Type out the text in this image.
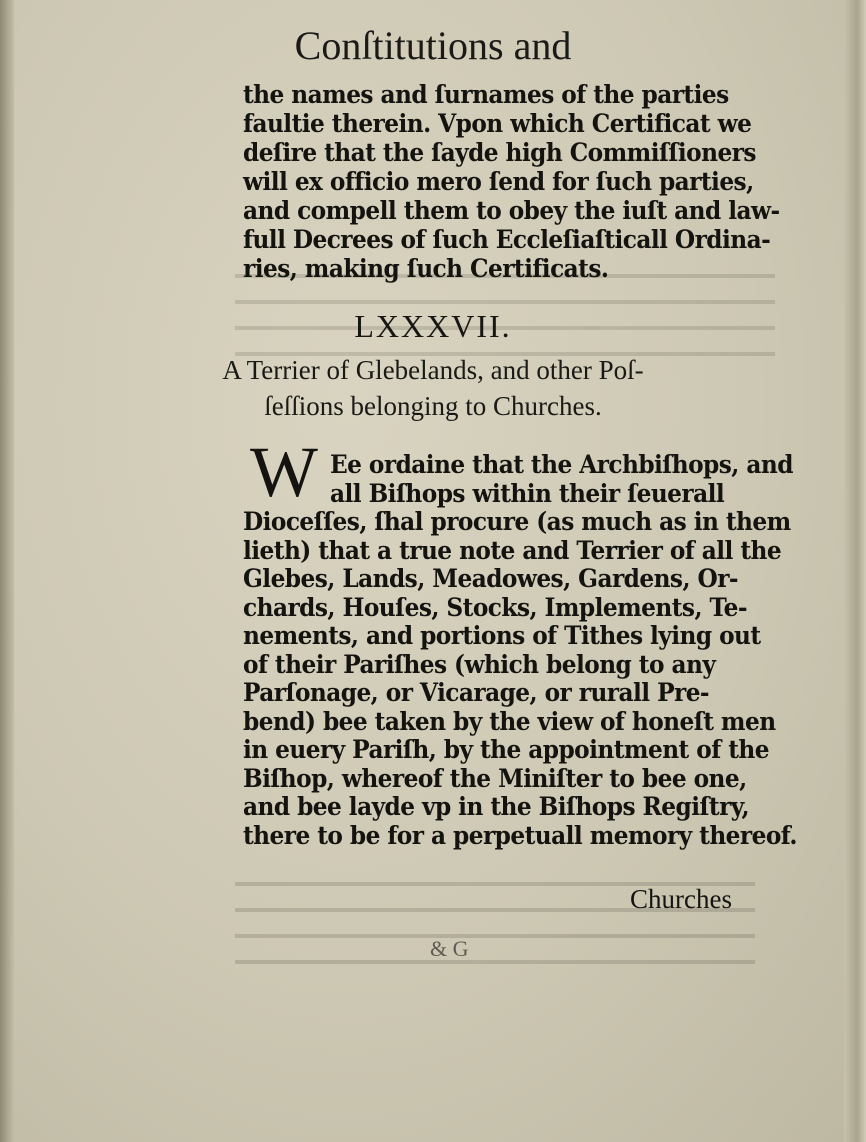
Conſtitutions and
the names and ſurnames of the parties
faultie therein. Vpon which Certificat we
deſire that the ſayde high Commiſſioners
will ex officio mero ſend for ſuch parties,
and compell them to obey the iuſt and law-
full Decrees of ſuch Eccleſiaſticall Ordina-
ries, making ſuch Certificats.
LXXXVII.
A Terrier of Glebelands, and other Poſ-
ſeſſions belonging to Churches.
W Ee ordaine that the Archbiſhops, and
all Biſhops within their ſeuerall
Dioceſſes, ſhal procure (as much as in them
lieth) that a true note and Terrier of all the
Glebes, Lands, Meadowes, Gardens, Or-
chards, Houſes, Stocks, Implements, Te-
nements, and portions of Tithes lying out
of their Pariſhes (which belong to any
Parſonage, or Vicarage, or rurall Pre-
bend) bee taken by the view of honeſt men
in euery Pariſh, by the appointment of the
Biſhop, whereof the Miniſter to bee one,
and bee layde vp in the Biſhops Regiſtry,
there to be for a perpetuall memory thereof.
Churches
& G
